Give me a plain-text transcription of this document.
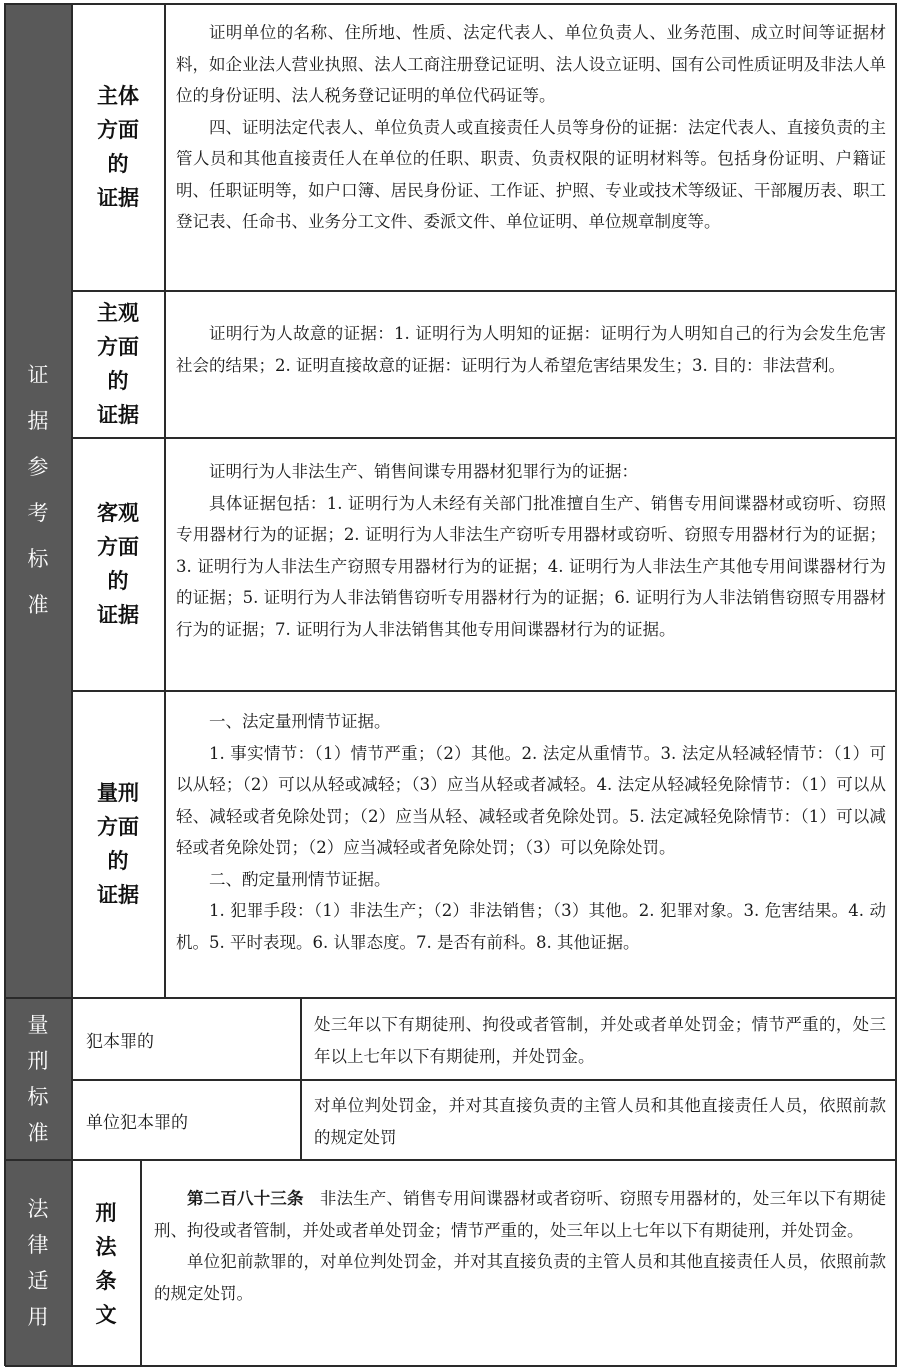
证
据
参
考
标
准
量
刑
标
准
法
律
适
用
主体
方面
的
证据
主观
方面
的
证据
客观
方面
的
证据
量刑
方面
的
证据

证明单位的名称、住所地、性质、法定代表人、单位负责人、业务范围、成立时间等证据材料，如企业法人营业执照、法人工商注册登记证明、法人设立证明、国有公司性质证明及非法人单位的身份证明、法人税务登记证明的单位代码证等。

四、证明法定代表人、单位负责人或直接责任人员等身份的证据：法定代表人、直接负责的主管人员和其他直接责任人在单位的任职、职责、负责权限的证明材料等。包括身份证明、户籍证明、任职证明等，如户口簿、居民身份证、工作证、护照、专业或技术等级证、干部履历表、职工登记表、任命书、业务分工文件、委派文件、单位证明、单位规章制度等。

证明行为人故意的证据：1. 证明行为人明知的证据：证明行为人明知自己的行为会发生危害社会的结果；2. 证明直接故意的证据：证明行为人希望危害结果发生；3. 目的：非法营利。

证明行为人非法生产、销售间谍专用器材犯罪行为的证据：

具体证据包括：1. 证明行为人未经有关部门批准擅自生产、销售专用间谍器材或窃听、窃照专用器材行为的证据；2. 证明行为人非法生产窃听专用器材或窃听、窃照专用器材行为的证据；3. 证明行为人非法生产窃照专用器材行为的证据；4. 证明行为人非法生产其他专用间谍器材行为的证据；5. 证明行为人非法销售窃听专用器材行为的证据；6. 证明行为人非法销售窃照专用器材行为的证据；7. 证明行为人非法销售其他专用间谍器材行为的证据。

一、法定量刑情节证据。

1. 事实情节：（1）情节严重；（2）其他。2. 法定从重情节。3. 法定从轻减轻情节：（1）可以从轻；（2）可以从轻或减轻；（3）应当从轻或者减轻。4. 法定从轻减轻免除情节：（1）可以从轻、减轻或者免除处罚；（2）应当从轻、减轻或者免除处罚。5. 法定减轻免除情节：（1）可以减轻或者免除处罚；（2）应当减轻或者免除处罚；（3）可以免除处罚。

二、酌定量刑情节证据。

1. 犯罪手段：（1）非法生产；（2）非法销售；（3）其他。2. 犯罪对象。3. 危害结果。4. 动机。5. 平时表现。6. 认罪态度。7. 是否有前科。8. 其他证据。

犯本罪的

处三年以下有期徒刑、拘役或者管制，并处或者单处罚金；情节严重的，处三年以上七年以下有期徒刑，并处罚金。

单位犯本罪的

对单位判处罚金，并对其直接负责的主管人员和其他直接责任人员，依照前款的规定处罚

刑
法
条
文

第二百八十三条 非法生产、销售专用间谍器材或者窃听、窃照专用器材的，处三年以下有期徒刑、拘役或者管制，并处或者单处罚金；情节严重的，处三年以上七年以下有期徒刑，并处罚金。

单位犯前款罪的，对单位判处罚金，并对其直接负责的主管人员和其他直接责任人员，依照前款的规定处罚。
